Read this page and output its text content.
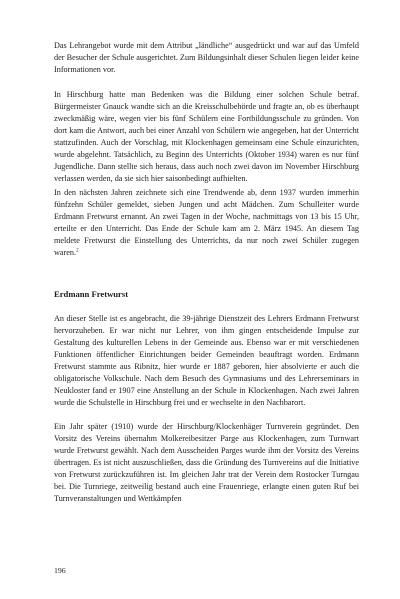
Das Lehrangebot wurde mit dem Attribut „ländliche“ ausgedrückt und war auf das Umfeld der Besucher der Schule ausgerichtet. Zum Bildungsinhalt dieser Schulen liegen leider keine Informationen vor.

In Hirschburg hatte man Bedenken was die Bildung einer solchen Schule betraf. Bürgermeister Gnauck wandte sich an die Kreisschulbehörde und fragte an, ob es überhaupt zweckmäßig wäre, wegen vier bis fünf Schülern eine Fortbildungsschule zu gründen. Von dort kam die Antwort, auch bei einer Anzahl von Schülern wie angegeben, hat der Unterricht stattzufinden. Auch der Vorschlag, mit Klockenhagen gemeinsam eine Schule einzurichten, wurde abgelehnt. Tatsächlich, zu Beginn des Unterrichts (Oktober 1934) waren es nur fünf Jugendliche. Dann stellte sich heraus, dass auch noch zwei davon im November Hirschburg verlassen werden, da sie sich hier saisonbedingt aufhielten.

In den nächsten Jahren zeichnete sich eine Trendwende ab, denn 1937 wurden immerhin fünfzehn Schüler gemeldet, sieben Jungen und acht Mädchen. Zum Schulleiter wurde Erdmann Fretwurst ernannt. An zwei Tagen in der Woche, nachmittags von 13 bis 15 Uhr, erteilte er den Unterricht. Das Ende der Schule kam am 2. März 1945. An diesem Tag meldete Fretwurst die Einstellung des Unterrichts, da nur noch zwei Schüler zugegen waren.$^2$

Erdmann Fretwurst

An dieser Stelle ist es angebracht, die 39-jährige Dienstzeit des Lehrers Erdmann Fretwurst hervorzuheben. Er war nicht nur Lehrer, von ihm gingen entscheidende Impulse zur Gestaltung des kulturellen Lebens in der Gemeinde aus. Ebenso war er mit verschiedenen Funktionen öffentlicher Einrichtungen beider Gemeinden beauftragt worden. Erdmann Fretwurst stammte aus Ribnitz, hier wurde er 1887 geboren, hier absolvierte er auch die obligatorische Volkschule. Nach dem Besuch des Gymnasiums und des Lehrerseminars in Neukloster fand er 1907 eine Anstellung an der Schule in Klockenhagen. Nach zwei Jahren wurde die Schulstelle in Hirschburg frei und er wechselte in den Nachbarort.

Ein Jahr später (1910) wurde der Hirschburg/Klockenhäger Turnverein gegründet. Den Vorsitz des Vereins übernahm Molkereibesitzer Parge aus Klockenhagen, zum Turnwart wurde Fretwurst gewählt. Nach dem Ausscheiden Parges wurde ihm der Vorsitz des Vereins übertragen. Es ist nicht auszuschließen, dass die Gründung des Turnvereins auf die Initiative von Fretwurst zurückzuführen ist. Im gleichen Jahr trat der Verein dem Rostocker Turngau bei. Die Turnriege, zeitweilig bestand auch eine Frauenriege, erlangte einen guten Ruf bei Turnveranstaltungen und Wettkämpfen

196
